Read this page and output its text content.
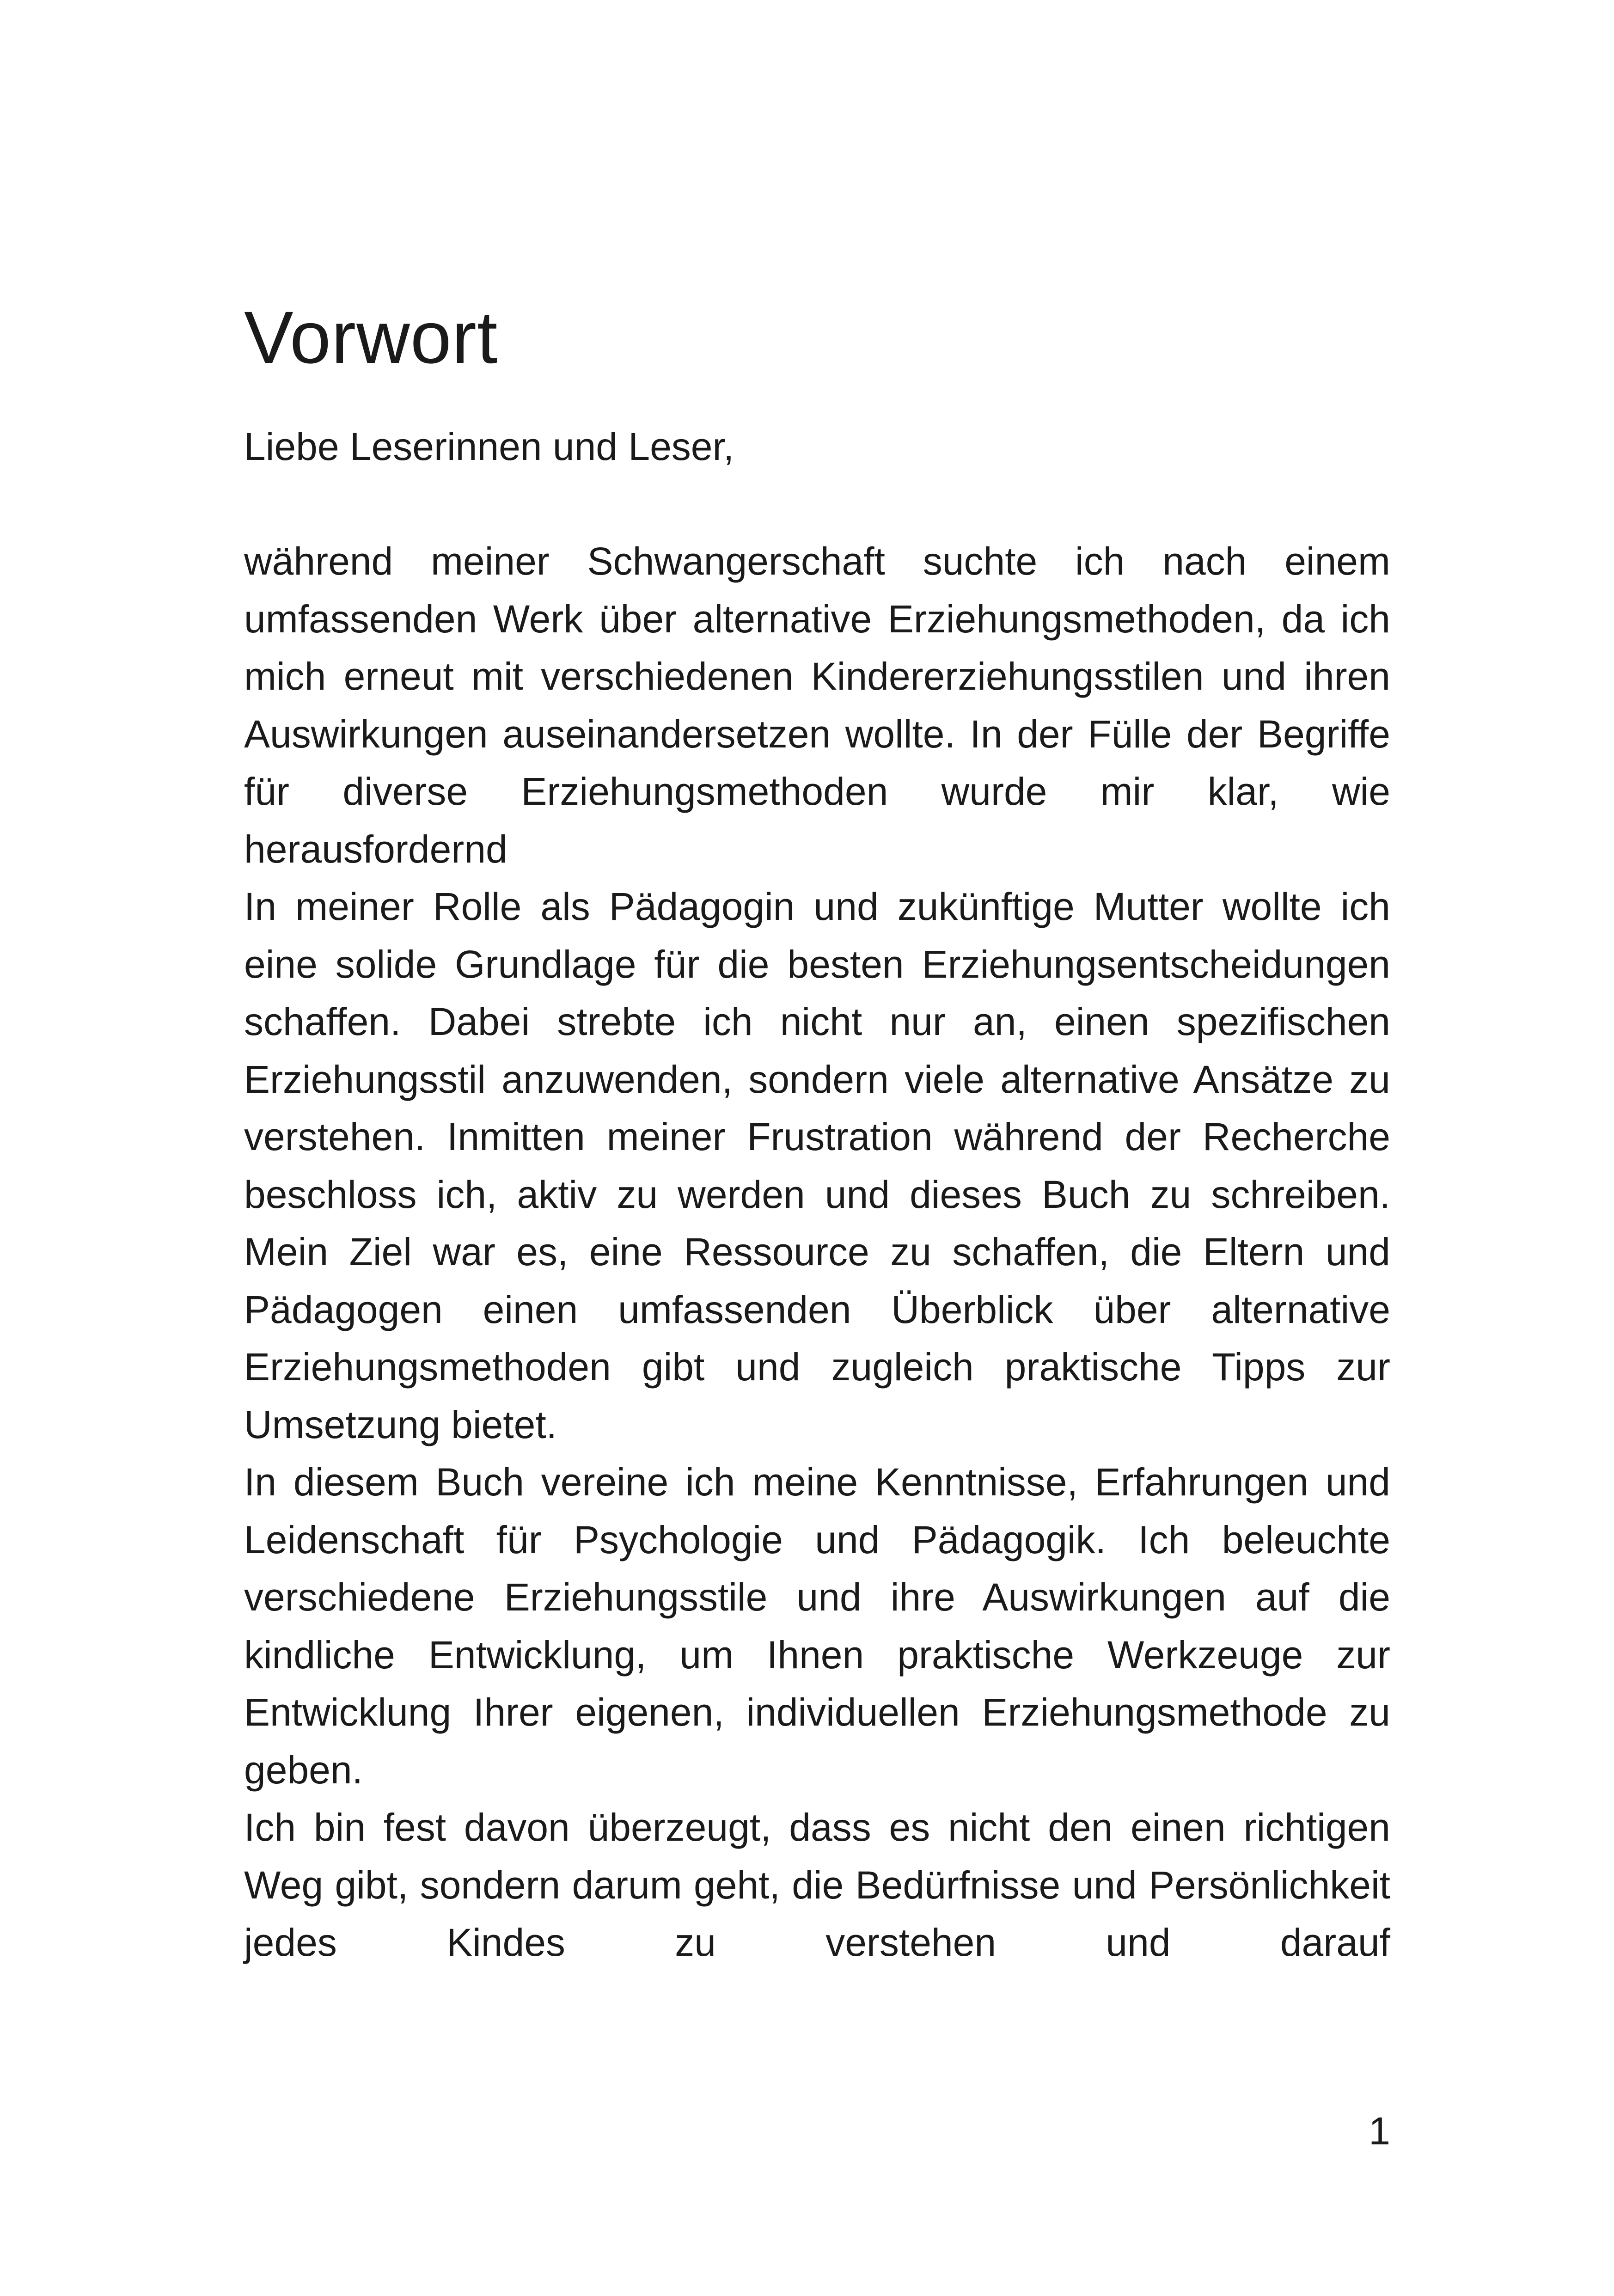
Vorwort

Liebe Leserinnen und Leser,

während meiner Schwangerschaft suchte ich nach einem umfassenden Werk über alternative Erziehungsmethoden, da ich mich erneut mit verschiedenen Kindererziehungsstilen und ihren Auswirkungen auseinandersetzen wollte. In der Fülle der Begriffe für diverse Erziehungsmethoden wurde mir klar, wie herausfordernd

In meiner Rolle als Pädagogin und zukünftige Mutter wollte ich eine solide Grundlage für die besten Erziehungsentscheidungen schaffen. Dabei strebte ich nicht nur an, einen spezifischen Erziehungsstil anzuwenden, sondern viele alternative Ansätze zu verstehen. Inmitten meiner Frustration während der Recherche beschloss ich, aktiv zu werden und dieses Buch zu schreiben. Mein Ziel war es, eine Ressource zu schaffen, die Eltern und Pädagogen einen umfassenden Überblick über alternative Erziehungsmethoden gibt und zugleich praktische Tipps zur Umsetzung bietet.

In diesem Buch vereine ich meine Kenntnisse, Erfahrungen und Leidenschaft für Psychologie und Pädagogik. Ich beleuchte verschiedene Erziehungsstile und ihre Auswirkungen auf die kindliche Entwicklung, um Ihnen praktische Werkzeuge zur Entwicklung Ihrer eigenen, individuellen Erziehungsmethode zu geben.

Ich bin fest davon überzeugt, dass es nicht den einen richtigen Weg gibt, sondern darum geht, die Bedürfnisse und Persönlichkeit jedes Kindes zu verstehen und darauf

1
